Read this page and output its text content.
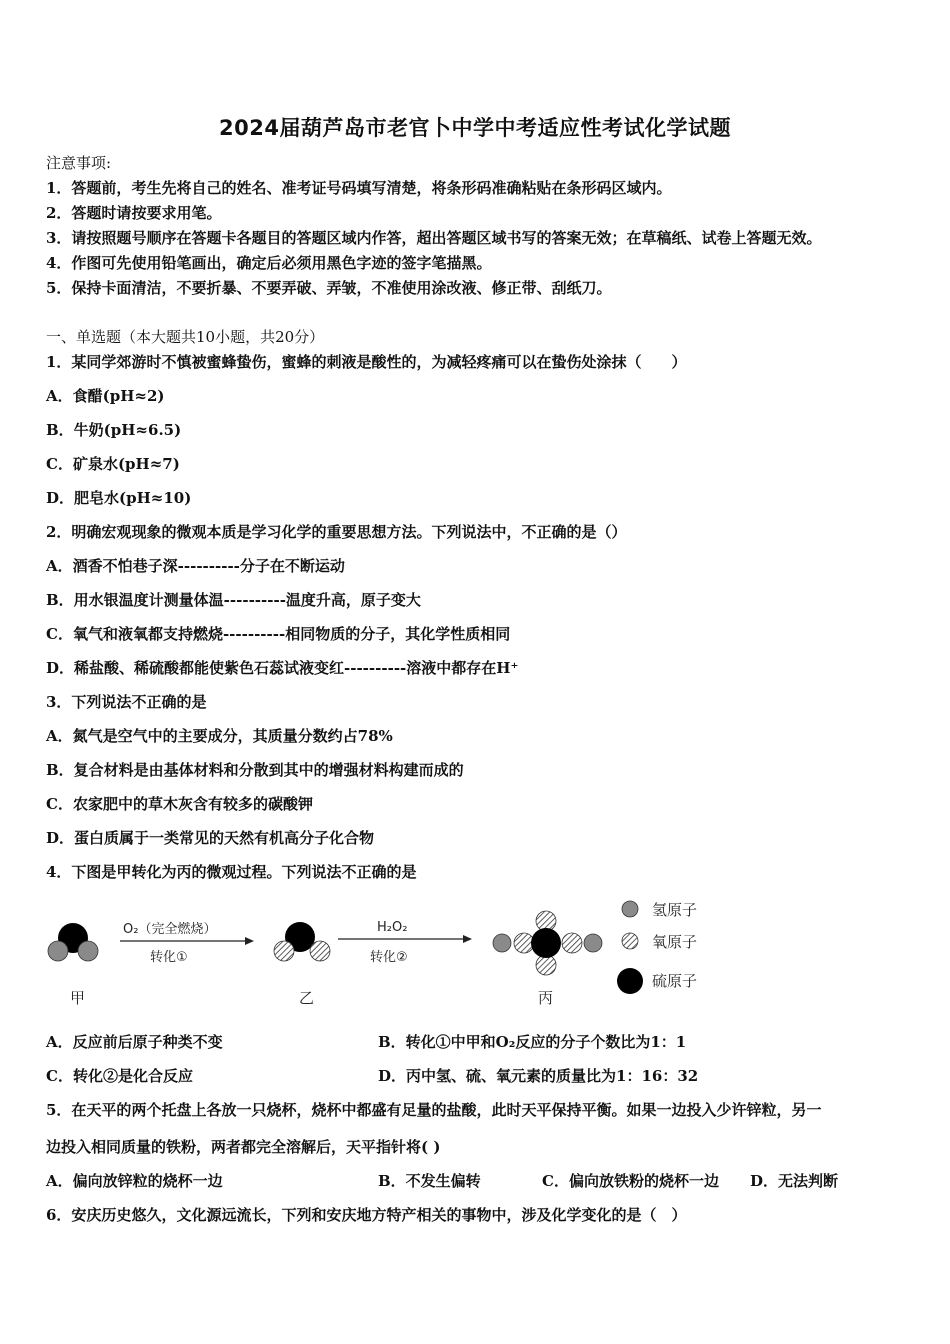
2024届葫芦岛市老官卜中学中考适应性考试化学试题
注意事项:
1．答题前，考生先将自己的姓名、准考证号码填写清楚，将条形码准确粘贴在条形码区域内。
2．答题时请按要求用笔。
3．请按照题号顺序在答题卡各题目的答题区域内作答，超出答题区域书写的答案无效；在草稿纸、试卷上答题无效。
4．作图可先使用铅笔画出，确定后必须用黑色字迹的签字笔描黑。
5．保持卡面清洁，不要折暴、不要弄破、弄皱，不准使用涂改液、修正带、刮纸刀。
一、单选题（本大题共10小题，共20分）
1．某同学郊游时不慎被蜜蜂蛰伤，蜜蜂的刺液是酸性的，为减轻疼痛可以在蛰伤处涂抹（　　）
A．食醋(pH≈2)
B．牛奶(pH≈6.5)
C．矿泉水(pH≈7)
D．肥皂水(pH≈10)
2．明确宏观现象的微观本质是学习化学的重要思想方法。下列说法中，不正确的是（）
A．酒香不怕巷子深----------分子在不断运动
B．用水银温度计测量体温----------温度升高，原子变大
C．氧气和液氧都支持燃烧----------相同物质的分子，其化学性质相同
D．稀盐酸、稀硫酸都能使紫色石蕊试液变红----------溶液中都存在H⁺
3．下列说法不正确的是
A．氮气是空气中的主要成分，其质量分数约占78%
B．复合材料是由基体材料和分散到其中的增强材料构建而成的
C．农家肥中的草木灰含有较多的碳酸钾
D．蛋白质属于一类常见的天然有机高分子化合物
4．下图是甲转化为丙的微观过程。下列说法不正确的是
甲
O₂（完全燃烧）
转化①
乙
H₂O₂
转化②
丙
氢原子
氧原子
硫原子
A．反应前后原子种类不变	B．转化①中甲和O₂反应的分子个数比为1：1
C．转化②是化合反应	D．丙中氢、硫、氧元素的质量比为1：16：32
5．在天平的两个托盘上各放一只烧杯，烧杯中都盛有足量的盐酸，此时天平保持平衡。如果一边投入少许锌粒，另一
边投入相同质量的铁粉，两者都完全溶解后，天平指针将( )
A．偏向放锌粒的烧杯一边	B．不发生偏转	C．偏向放铁粉的烧杯一边 D．无法判断
6．安庆历史悠久，文化源远流长，下列和安庆地方特产相关的事物中，涉及化学变化的是（　）
